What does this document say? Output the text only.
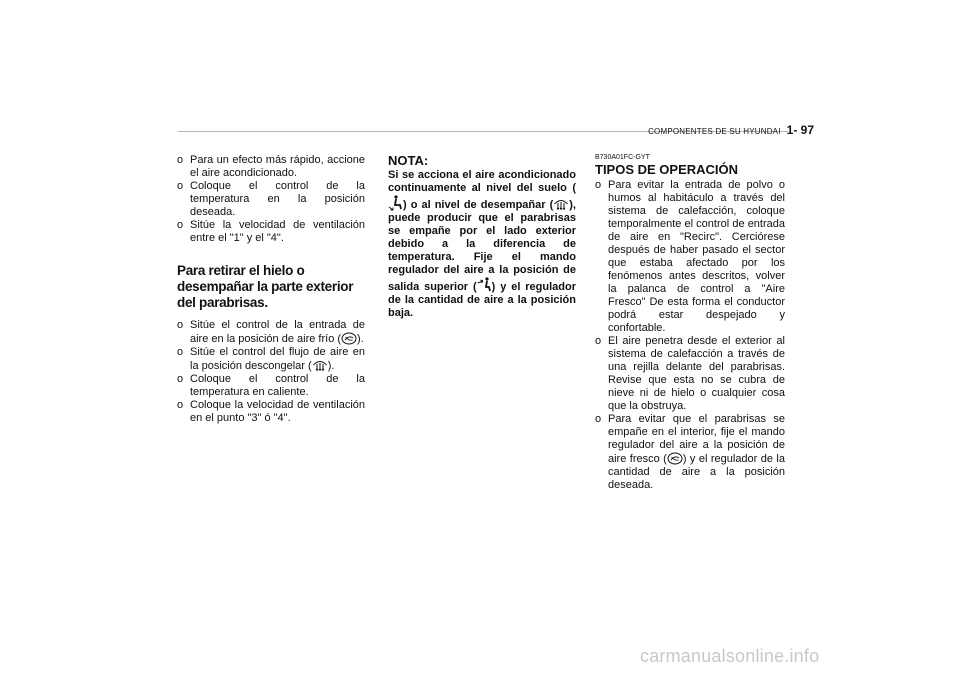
COMPONENTES DE SU HYUNDAI 1- 97
o Para un efecto más rápido, accione el aire acondicionado.
o Coloque el control de la temperatura en la posición deseada.
o Sitúe la velocidad de ventilación entre el "1" y el "4".
Para retirar el hielo o desempañar la parte exterior del parabrisas.
o Sitúe el control de la entrada de aire en la posición de aire frío ( ).
o Sitúe el control del flujo de aire en la posición descongelar ( ).
o Coloque el control de la temperatura en caliente.
o Coloque la velocidad de ventilación en el punto "3" ó "4".
NOTA:
Si se acciona el aire acondicionado continuamente al nivel del suelo (
) o al nivel de desempañar ( ), puede producir que el parabrisas se empañe por el lado exterior debido a la diferencia de temperatura. Fije el mando regulador del aire a la posición de salida superior ( ) y el regulador de la cantidad de aire a la posición baja.
B730A01FC-GYT
TIPOS DE OPERACIÓN
o Para evitar la entrada de polvo o humos al habitáculo a través del sistema de calefacción, coloque temporalmente el control de entrada de aire en "Recirc". Cerciórese después de haber pasado el sector que estaba afectado por los fenómenos antes descritos, volver la palanca de control a "Aire Fresco" De esta forma el conductor podrá estar despejado y confortable.
o El aire penetra desde el exterior al sistema de calefacción a través de una rejilla delante del parabrisas. Revise que esta no se cubra de nieve ni de hielo o cualquier cosa que la obstruya.
o Para evitar que el parabrisas se empañe en el interior, fije el mando regulador del aire a la posición de aire fresco ( ) y el regulador de la cantidad de aire a la posición deseada.
carmanualsonline.info
